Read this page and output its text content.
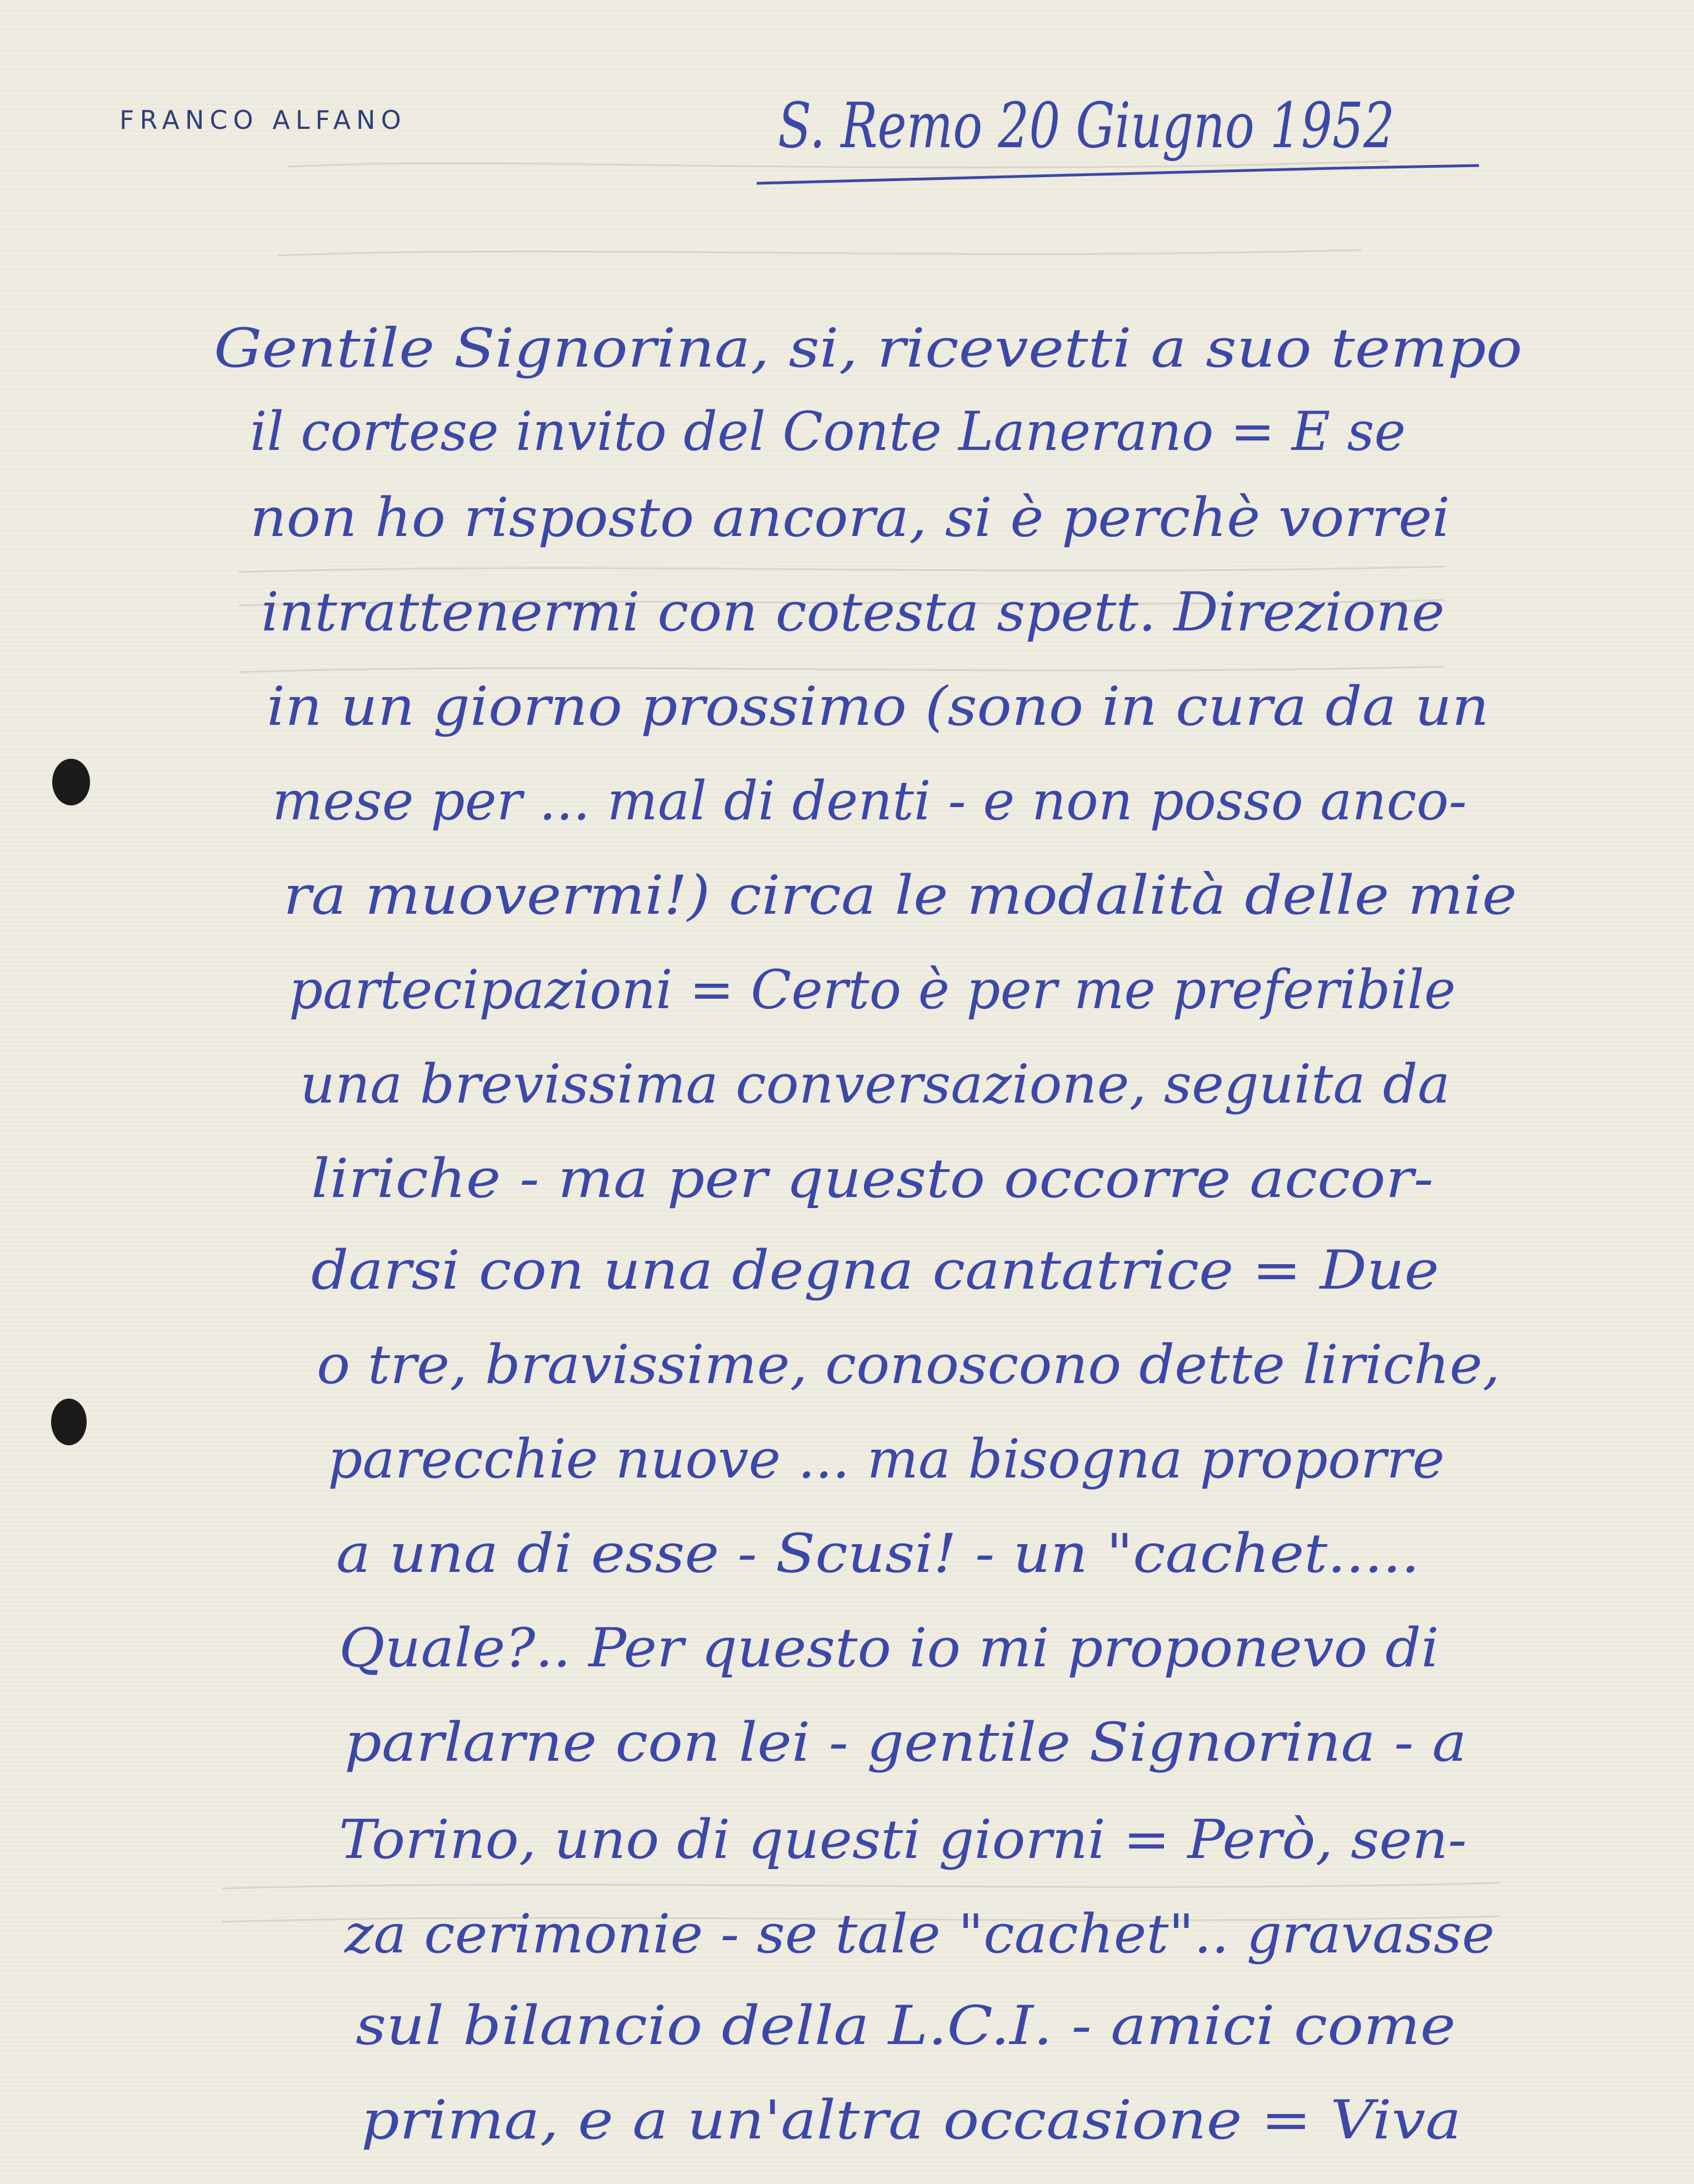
FRANCO ALFANO	S. Remo 20 Giugno 1952
Gentile Signorina, si, ricevetti a suo tempo
il cortese invito del Conte Lanerano = E se
non ho risposto ancora, si è perchè vorrei
intrattenermi con cotesta spett. Direzione
in un giorno prossimo (sono in cura da un
mese per ... mal di denti - e non posso anco-
ra muovermi!) circa le modalità delle mie
partecipazioni = Certo è per me preferibile
una brevissima conversazione, seguita da
liriche - ma per questo occorre accor-
darsi con una degna cantatrice = Due
o tre, bravissime, conoscono dette liriche,
parecchie nuove ... ma bisogna proporre
a una di esse - Scusi! - un "cachet.....
Quale?.. Per questo io mi proponevo di
parlarne con lei - gentile Signorina - a
Torino, uno di questi giorni = Però, sen-
za cerimonie - se tale "cachet".. gravasse
sul bilancio della L.C.I. - amici come
prima, e a un'altra occasione = Viva
